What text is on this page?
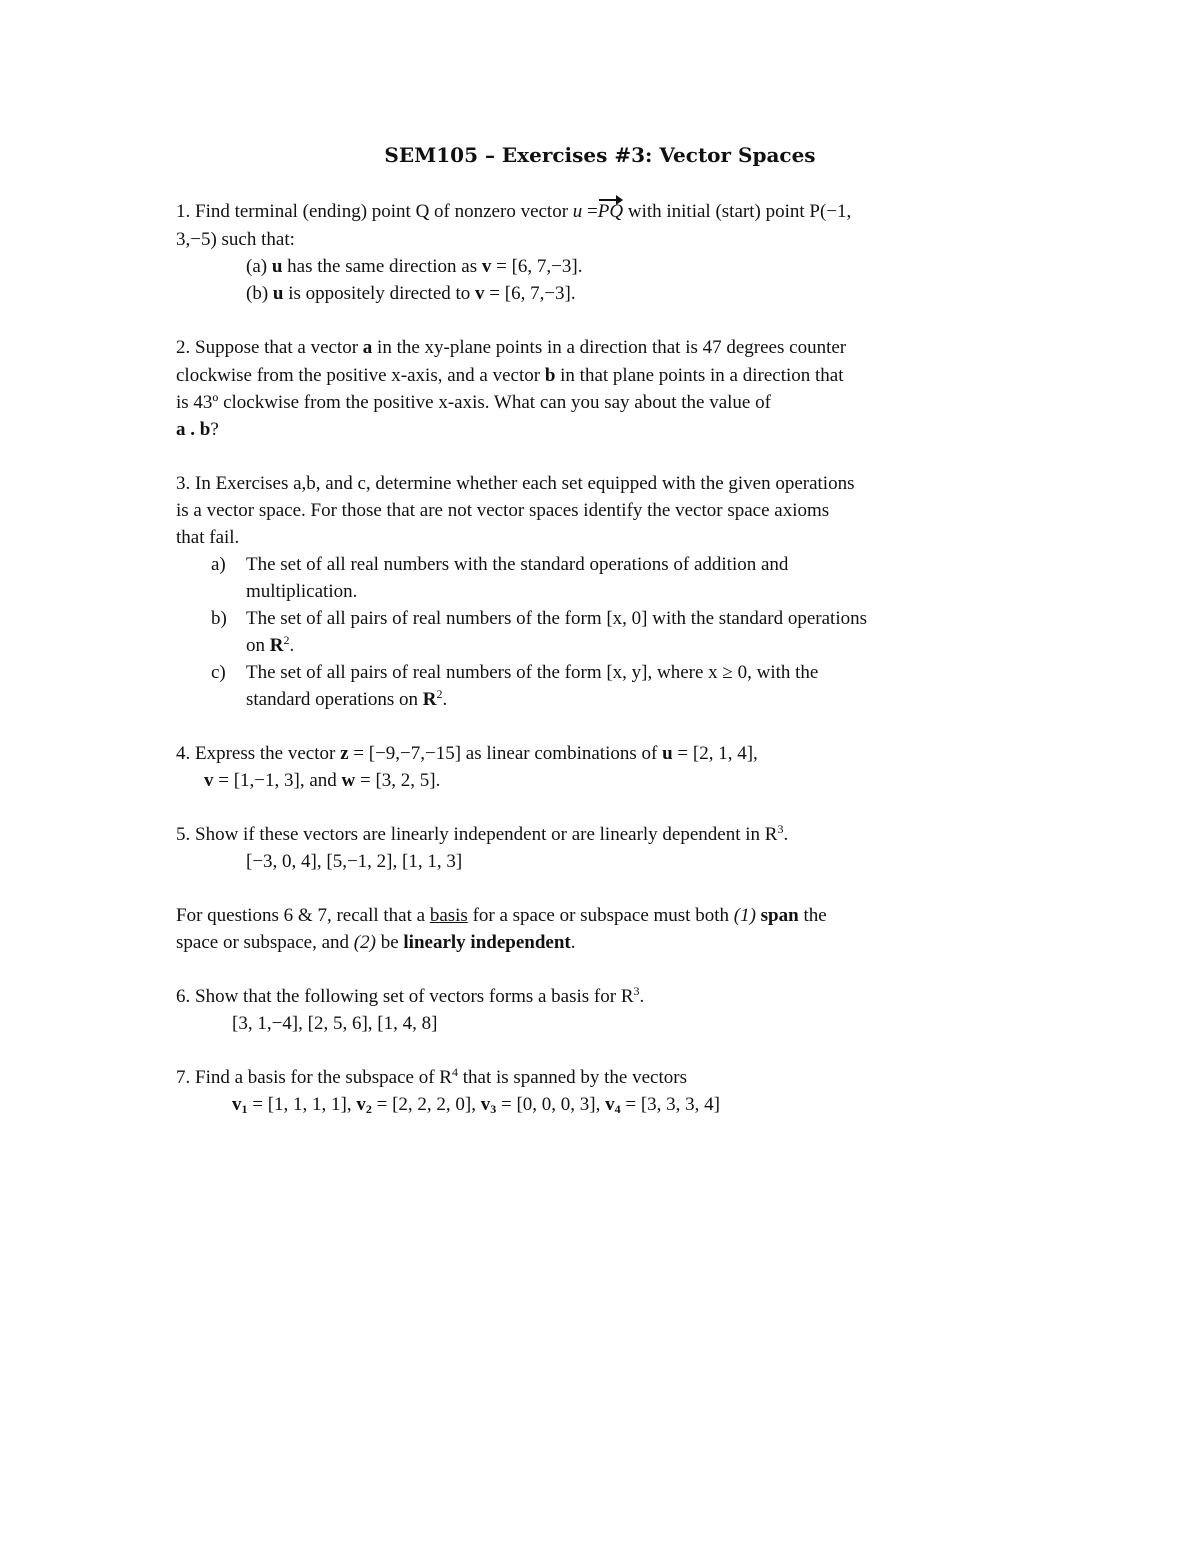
SEM105 – Exercises #3: Vector Spaces
1. Find terminal (ending) point Q of nonzero vector u =PQ with initial (start) point P(−1,
3,−5) such that:
(a) u has the same direction as v = [6, 7,−3].
(b) u is oppositely directed to v = [6, 7,−3].
2. Suppose that a vector a in the xy-plane points in a direction that is 47 degrees counter
clockwise from the positive x-axis, and a vector b in that plane points in a direction that
is 43º clockwise from the positive x-axis. What can you say about the value of
a . b?
3. In Exercises a,b, and c, determine whether each set equipped with the given operations
is a vector space. For those that are not vector spaces identify the vector space axioms
that fail.
a) The set of all real numbers with the standard operations of addition and
multiplication.
b) The set of all pairs of real numbers of the form [x, 0] with the standard operations
on $R^2$.
c) The set of all pairs of real numbers of the form [x, y], where x ≥ 0, with the
standard operations on $R^2$.
4. Express the vector z = [−9,−7,−15] as linear combinations of u = [2, 1, 4],
v = [1,−1, 3], and w = [3, 2, 5].
5. Show if these vectors are linearly independent or are linearly dependent in $R^3$.
[−3, 0, 4], [5,−1, 2], [1, 1, 3]
For questions 6 & 7, recall that a basis for a space or subspace must both (1) span the
space or subspace, and (2) be linearly independent.
6. Show that the following set of vectors forms a basis for $R^3$.
[3, 1,−4], [2, 5, 6], [1, 4, 8]
7. Find a basis for the subspace of $R^4$ that is spanned by the vectors
$v_1 = [1$, 1, 1, 1], $v_2 = [2$, 2, 2, 0], $v_3 = [0$, 0, 0, 3], $v_4 = [3$, 3, 3, 4]
